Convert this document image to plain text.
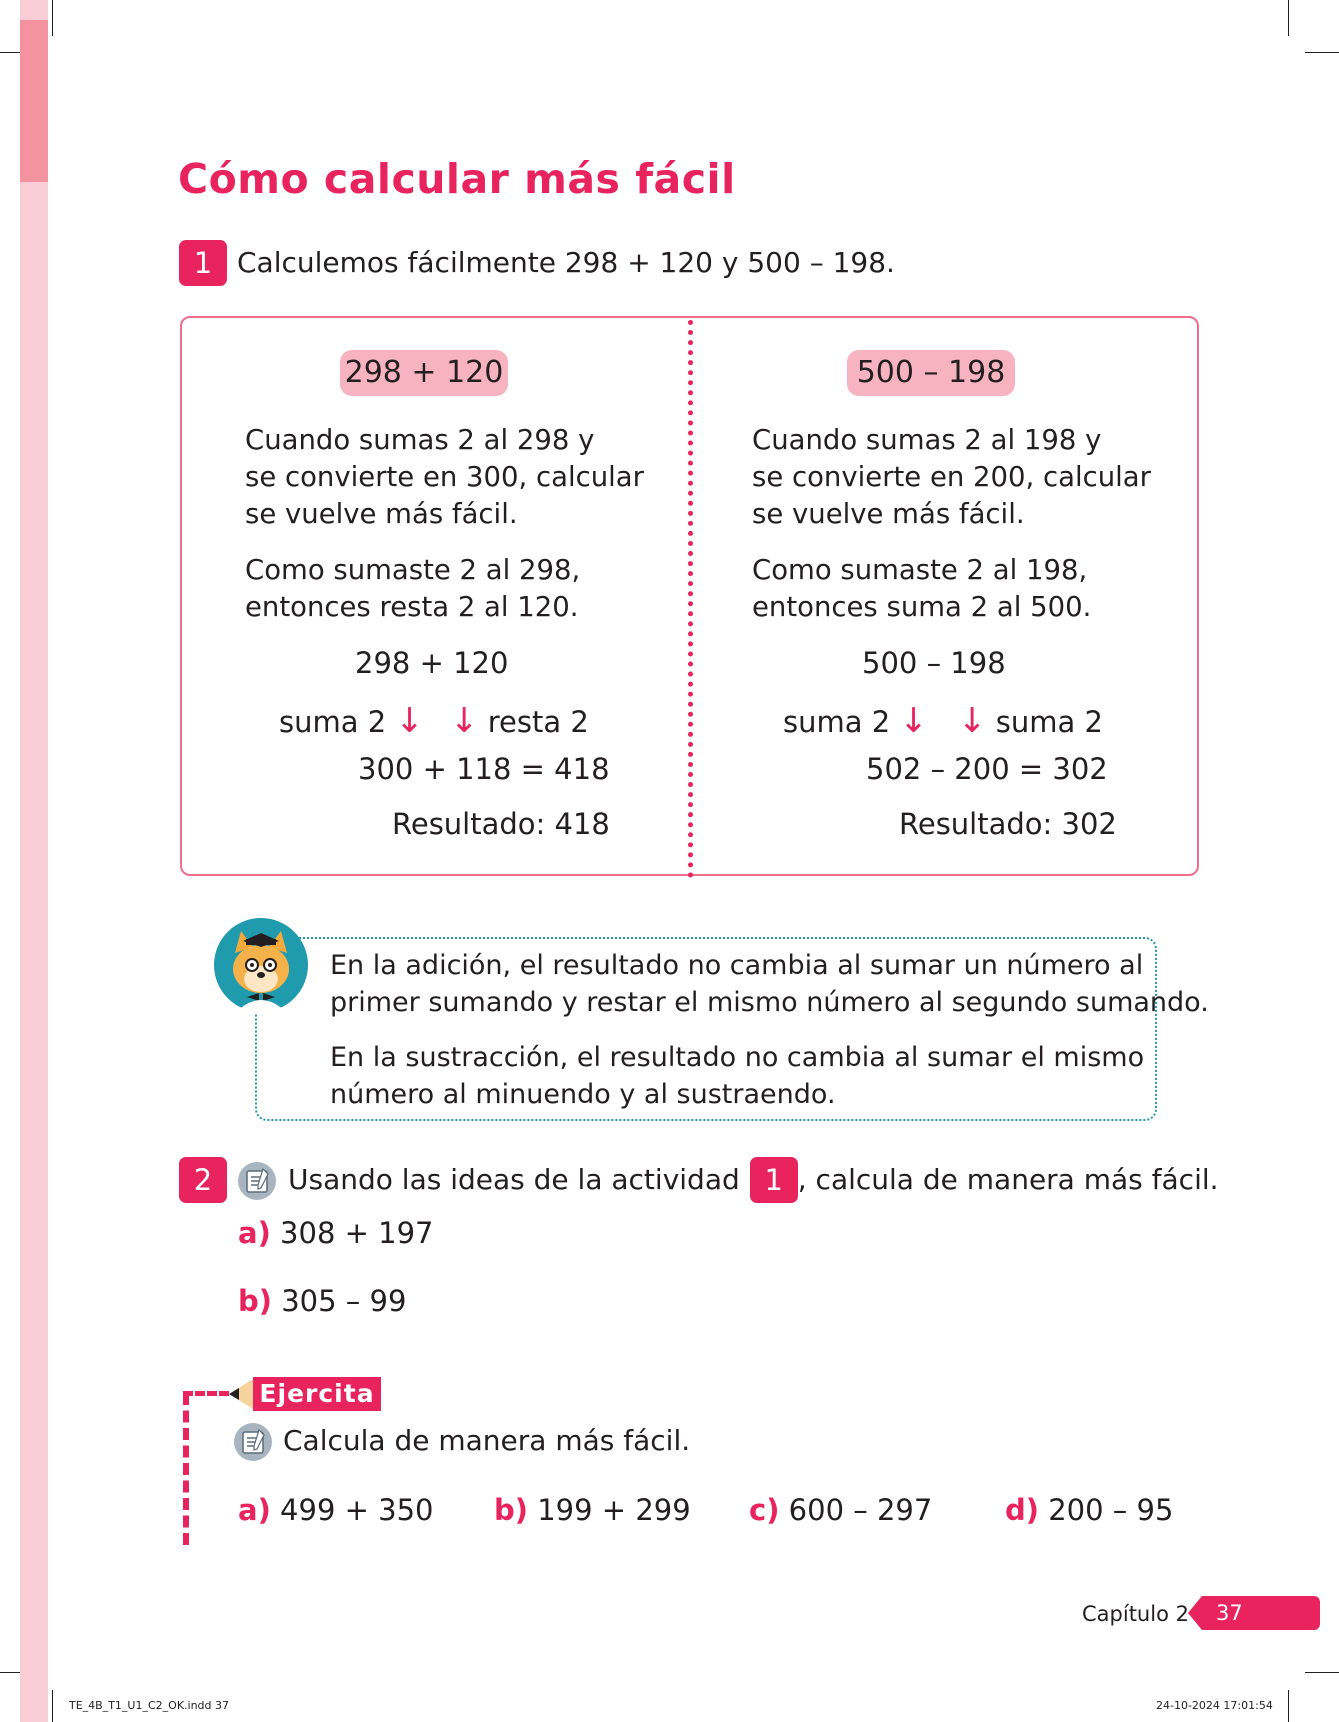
Cómo calcular más fácil
1 Calculemos fácilmente 298 + 120 y 500 – 198.
298 + 120
Cuando sumas 2 al 298 y
se convierte en 300, calcular
se vuelve más fácil.
Como sumaste 2 al 298,
entonces resta 2 al 120.
298 + 120
suma 2 ↓ ↓ resta 2
300 + 118 = 418
Resultado: 418
500 – 198
Cuando sumas 2 al 198 y
se convierte en 200, calcular
se vuelve más fácil.
Como sumaste 2 al 198,
entonces suma 2 al 500.
500 – 198
suma 2 ↓ ↓ suma 2
502 – 200 = 302
Resultado: 302
En la adición, el resultado no cambia al sumar un número al
primer sumando y restar el mismo número al segundo sumando.
En la sustracción, el resultado no cambia al sumar el mismo
número al minuendo y al sustraendo.
2	Usando las ideas de la actividad 1 , calcula de manera más fácil.
a) 308 + 197
b) 305 – 99
Ejercita
Calcula de manera más fácil.
a) 499 + 350 b) 199 + 299 c) 600 – 297	d) 200 – 95
Capítulo 2 37
TE_4B_T1_U1_C2_OK.indd 37	24-10-2024 17:01:54
